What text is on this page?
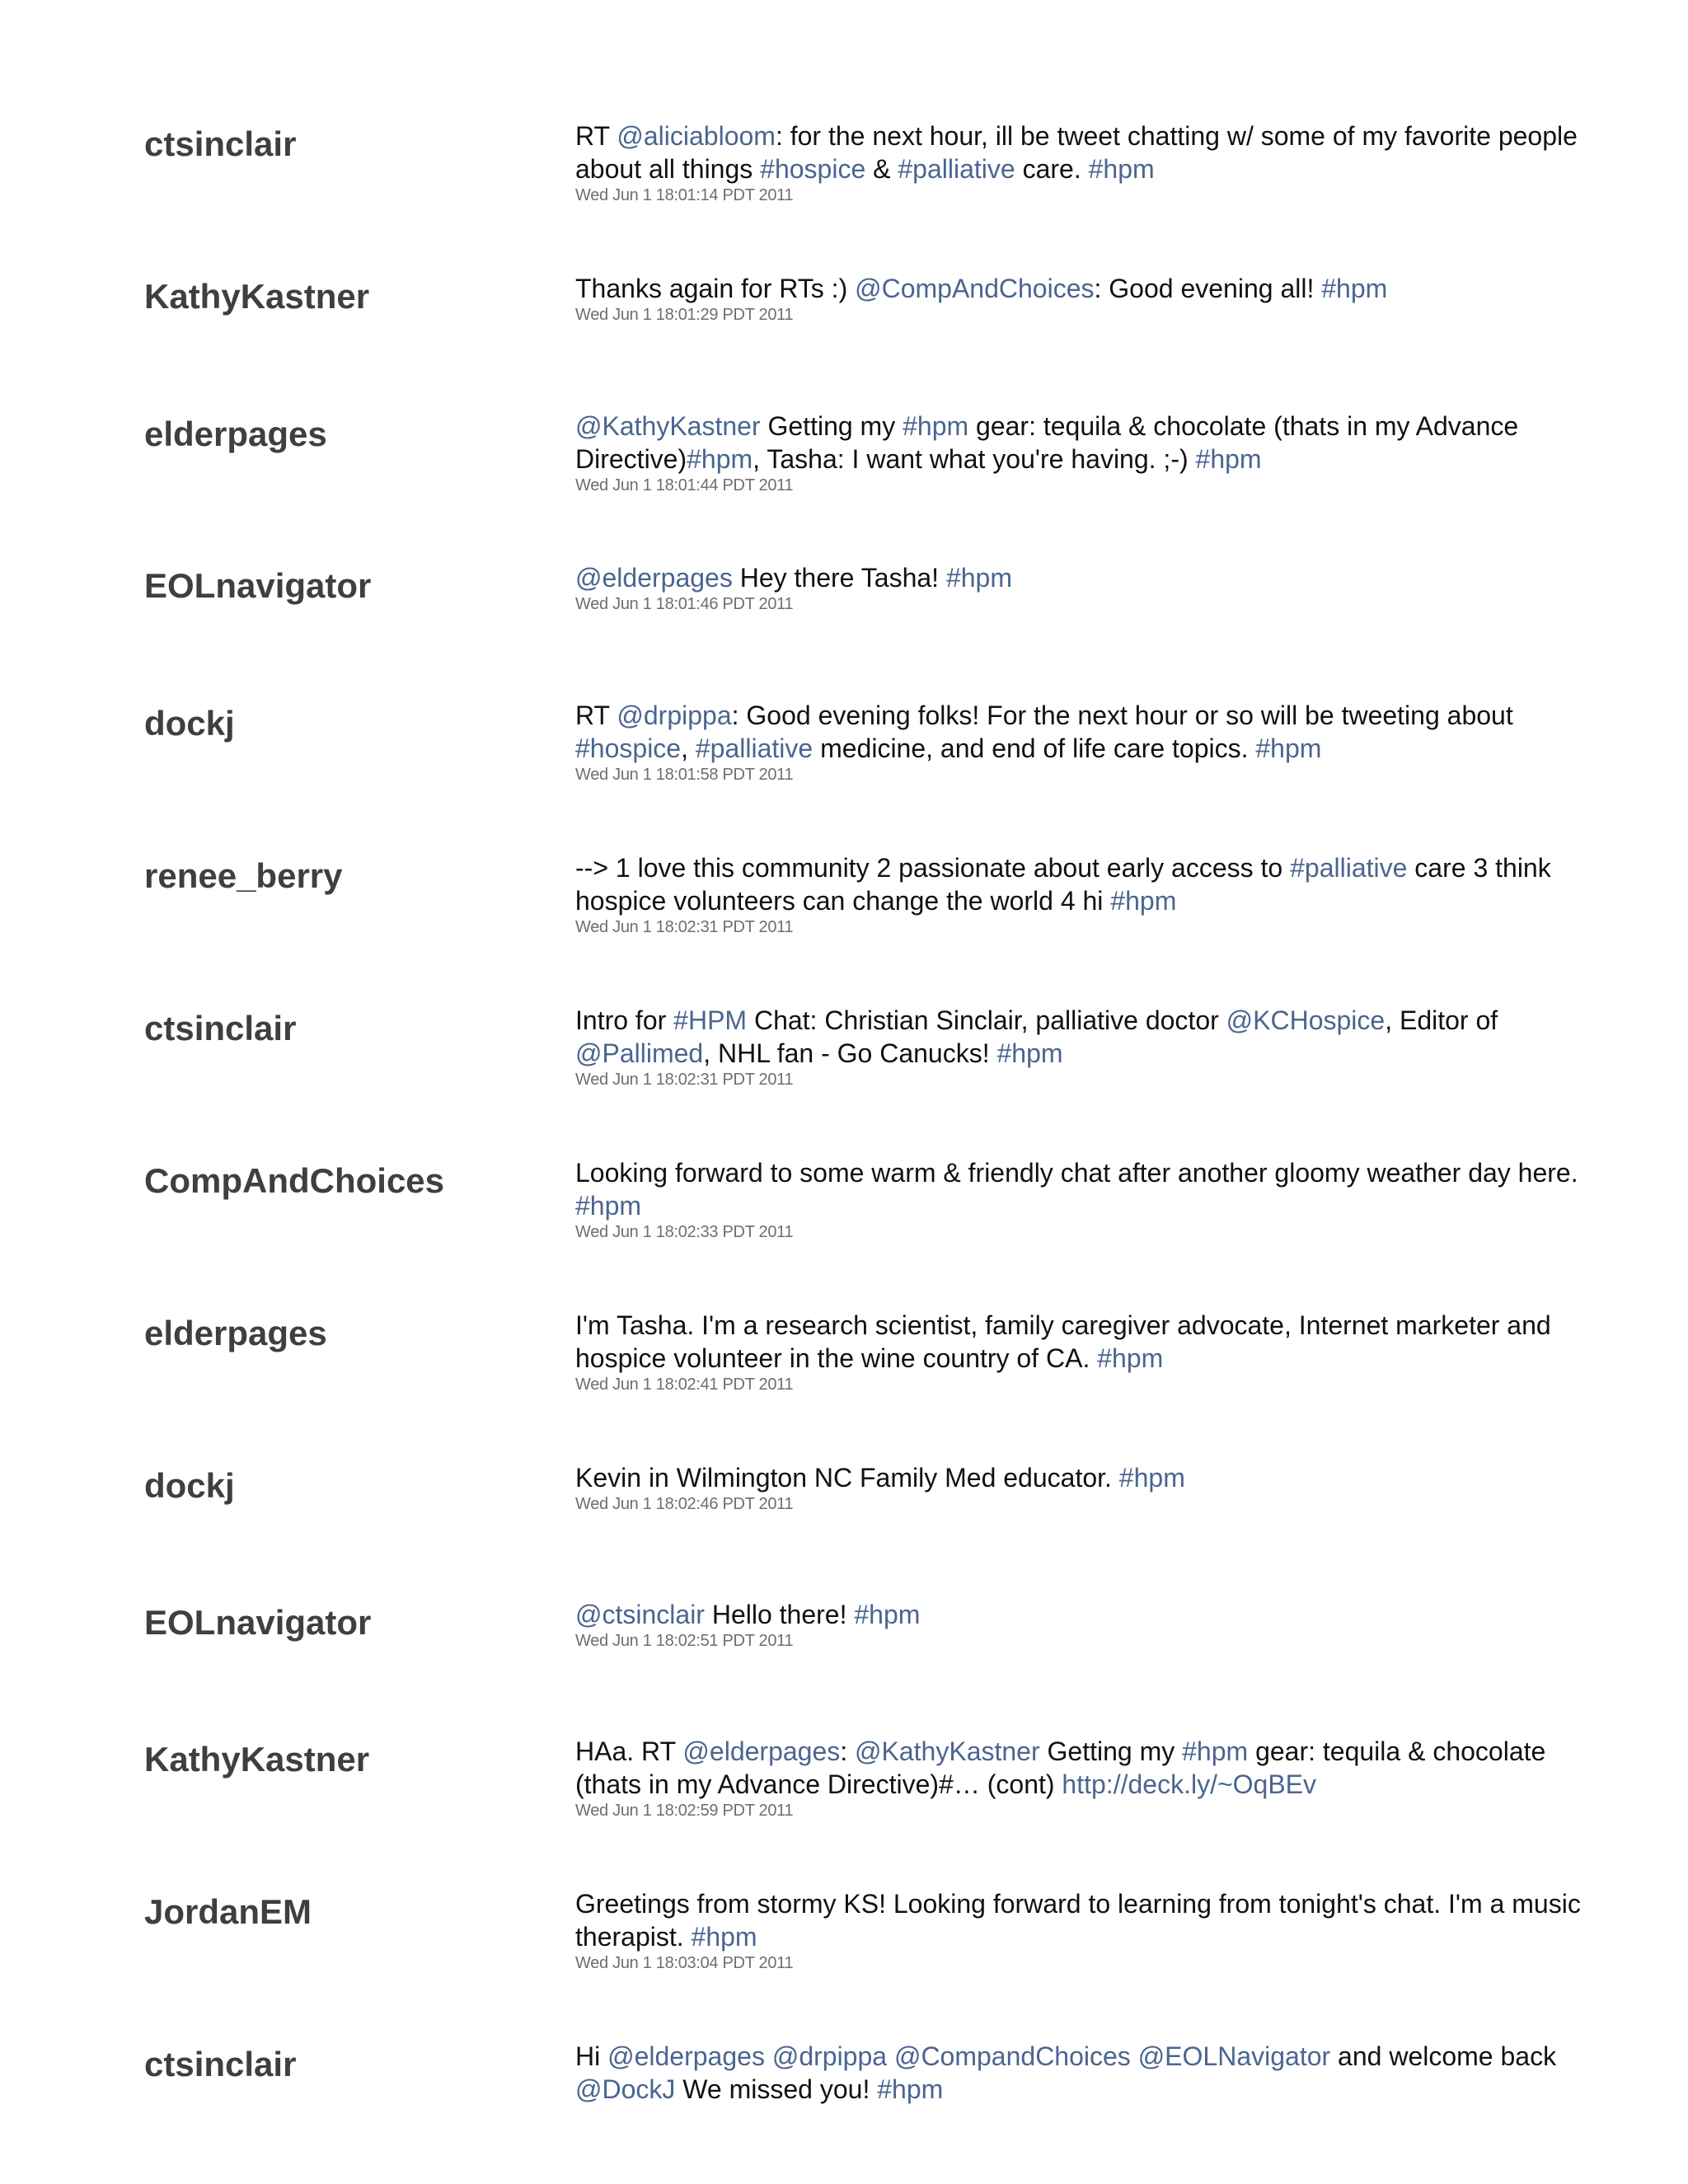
ctsinclair	RT @aliciabloom: for the next hour, ill be tweet chatting w/ some of my favorite people about all things #hospice & #palliative care. #hpm
Wed Jun 1 18:01:14 PDT 2011
KathyKastner	Thanks again for RTs :) @CompAndChoices: Good evening all! #hpm
Wed Jun 1 18:01:29 PDT 2011
elderpages	@KathyKastner Getting my #hpm gear: tequila & chocolate (thats in my Advance Directive)#hpm, Tasha: I want what you're having. ;-) #hpm
Wed Jun 1 18:01:44 PDT 2011
EOLnavigator	@elderpages Hey there Tasha! #hpm
Wed Jun 1 18:01:46 PDT 2011
dockj	RT @drpippa: Good evening folks! For the next hour or so will be tweeting about #hospice, #palliative medicine, and end of life care topics. #hpm
Wed Jun 1 18:01:58 PDT 2011
renee_berry	--> 1 love this community 2 passionate about early access to #palliative care 3 think hospice volunteers can change the world 4 hi #hpm
Wed Jun 1 18:02:31 PDT 2011
ctsinclair	Intro for #HPM Chat: Christian Sinclair, palliative doctor @KCHospice, Editor of @Pallimed, NHL fan - Go Canucks! #hpm
Wed Jun 1 18:02:31 PDT 2011
CompAndChoices	Looking forward to some warm & friendly chat after another gloomy weather day here. #hpm
Wed Jun 1 18:02:33 PDT 2011
elderpages	I'm Tasha. I'm a research scientist, family caregiver advocate, Internet marketer and hospice volunteer in the wine country of CA. #hpm
Wed Jun 1 18:02:41 PDT 2011
dockj	Kevin in Wilmington NC Family Med educator. #hpm
Wed Jun 1 18:02:46 PDT 2011
EOLnavigator	@ctsinclair Hello there! #hpm
Wed Jun 1 18:02:51 PDT 2011
KathyKastner	HAa. RT @elderpages: @KathyKastner Getting my #hpm gear: tequila & chocolate (thats in my Advance Directive)#… (cont) http://deck.ly/~OqBEv
Wed Jun 1 18:02:59 PDT 2011
JordanEM	Greetings from stormy KS! Looking forward to learning from tonight's chat. I'm a music therapist. #hpm
Wed Jun 1 18:03:04 PDT 2011
ctsinclair	Hi @elderpages @drpippa @CompandChoices @EOLNavigator and welcome back @DockJ We missed you! #hpm
